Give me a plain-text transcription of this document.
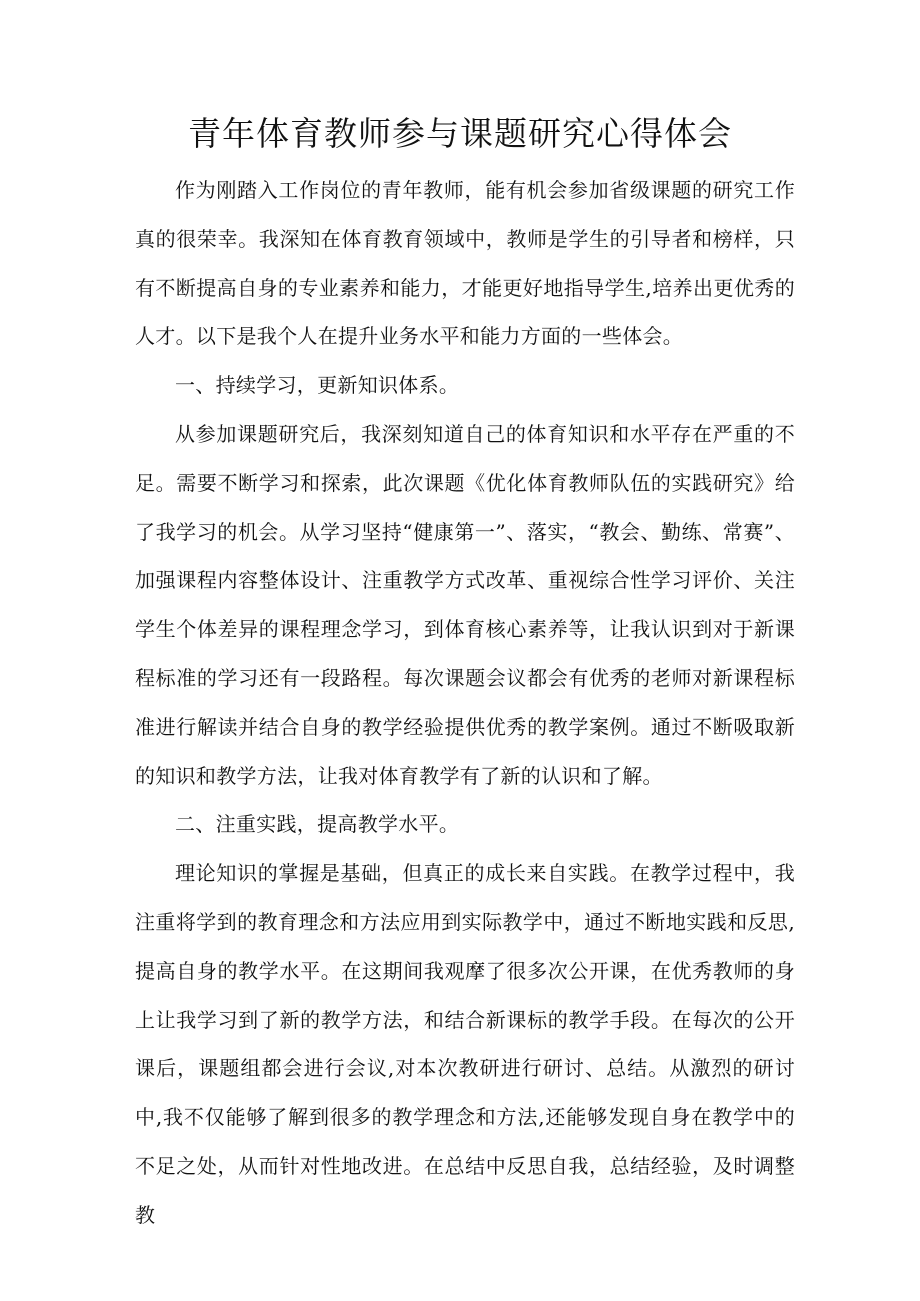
青年体育教师参与课题研究心得体会

作为刚踏入工作岗位的青年教师，能有机会参加省级课题的研究工作真的很荣幸。我深知在体育教育领域中，教师是学生的引导者和榜样，只有不断提高自身的专业素养和能力，才能更好地指导学生,培养出更优秀的人才。以下是我个人在提升业务水平和能力方面的一些体会。

一、持续学习，更新知识体系。

从参加课题研究后，我深刻知道自己的体育知识和水平存在严重的不足。需要不断学习和探索，此次课题《优化体育教师队伍的实践研究》给了我学习的机会。从学习坚持“健康第一”、落实，“教会、勤练、常赛”、加强课程内容整体设计、注重教学方式改革、重视综合性学习评价、关注学生个体差异的课程理念学习，到体育核心素养等，让我认识到对于新课程标准的学习还有一段路程。每次课题会议都会有优秀的老师对新课程标准进行解读并结合自身的教学经验提供优秀的教学案例。通过不断吸取新的知识和教学方法，让我对体育教学有了新的认识和了解。

二、注重实践，提高教学水平。

理论知识的掌握是基础，但真正的成长来自实践。在教学过程中，我注重将学到的教育理念和方法应用到实际教学中，通过不断地实践和反思,提高自身的教学水平。在这期间我观摩了很多次公开课，在优秀教师的身上让我学习到了新的教学方法，和结合新课标的教学手段。在每次的公开课后，课题组都会进行会议,对本次教研进行研讨、总结。从激烈的研讨中,我不仅能够了解到很多的教学理念和方法,还能够发现自身在教学中的不足之处，从而针对性地改进。在总结中反思自我，总结经验，及时调整教
